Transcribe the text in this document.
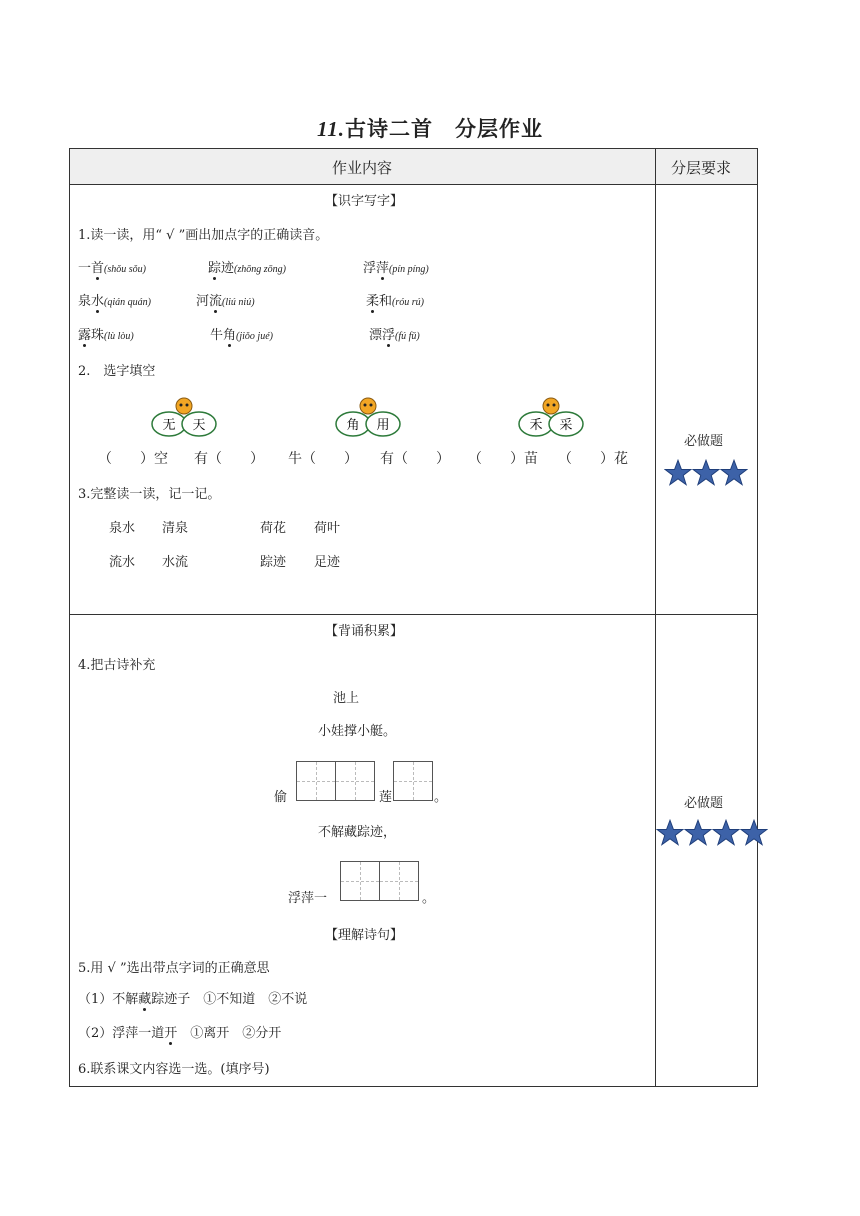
11.古诗二首　分层作业
作业内容	分层要求
【识字写字】
1.读一读，用“ √ ”画出加点字的正确读音。
一首(shǒu sǒu)	踪迹(zhōng zōng)	浮萍(pín píng)
泉水(qián quán)	河流(liú niú)	柔和(róu rú)
露珠(lù lòu)	牛角(jiǒo jué)	漂浮(fú fǔ)
2.　选字填空
无 天	角 用	禾 采
（　　）空 有（　　） 牛（　　） 有（　　） （　　）苗 （　　）花
3.完整读一读，记一记。
泉水 清泉	荷花 荷叶
流水 水流	踪迹 足迹
必做题
【背诵积累】
4.把古诗补充
池上
小娃撑小艇。
偷	莲	。
不解藏踪迹，
浮萍一	。
【理解诗句】
5.用 √ ”选出带点字词的正确意思
（1）不解藏踪迹子　①不知道　②不说
（2）浮萍一道开　①离开　②分开
6.联系课文内容选一选。(填序号)
必做题
